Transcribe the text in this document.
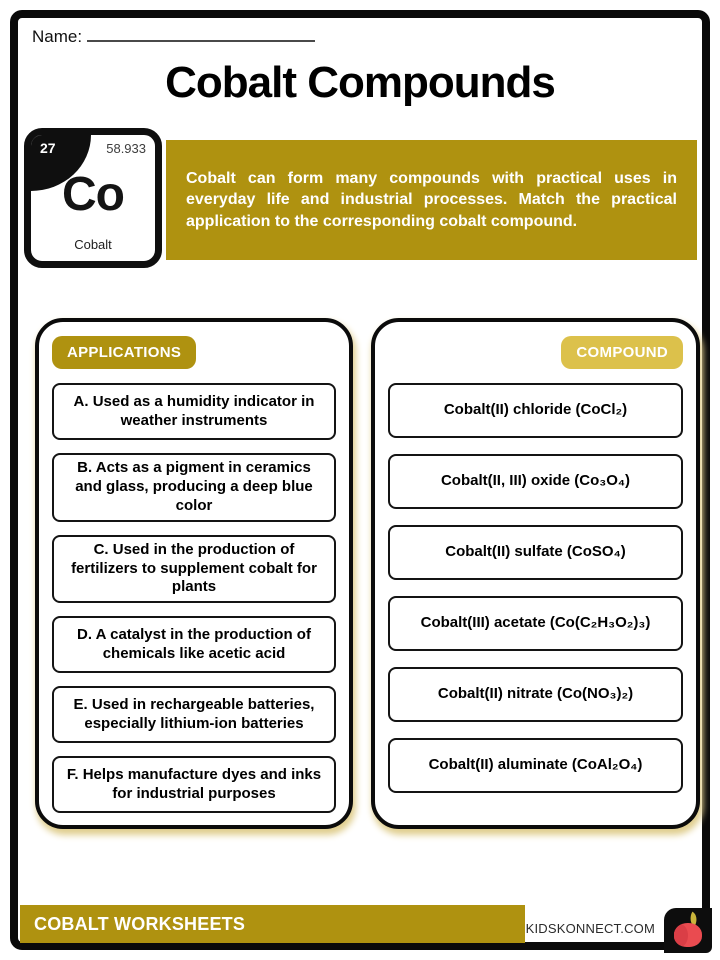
Name:
Cobalt Compounds
27	58.933
Co
Cobalt
Cobalt can form many compounds with practical uses in everyday life and industrial processes. Match the practical application to the corresponding cobalt compound.
APPLICATIONS
A. Used as a humidity indicator in weather instruments
B. Acts as a pigment in ceramics and glass, producing a deep blue color
C. Used in the production of fertilizers to supplement cobalt for plants
D. A catalyst in the production of chemicals like acetic acid
E. Used in rechargeable batteries, especially lithium-ion batteries
F. Helps manufacture dyes and inks for industrial purposes
COMPOUND
Cobalt(II) chloride (CoCl₂)
Cobalt(II, III) oxide (Co₃O₄)
Cobalt(II) sulfate (CoSO₄)
Cobalt(III) acetate (Co(C₂H₃O₂)₃)
Cobalt(II) nitrate (Co(NO₃)₂)
Cobalt(II) aluminate (CoAl₂O₄)
COBALT WORKSHEETS	KIDSKONNECT.COM
